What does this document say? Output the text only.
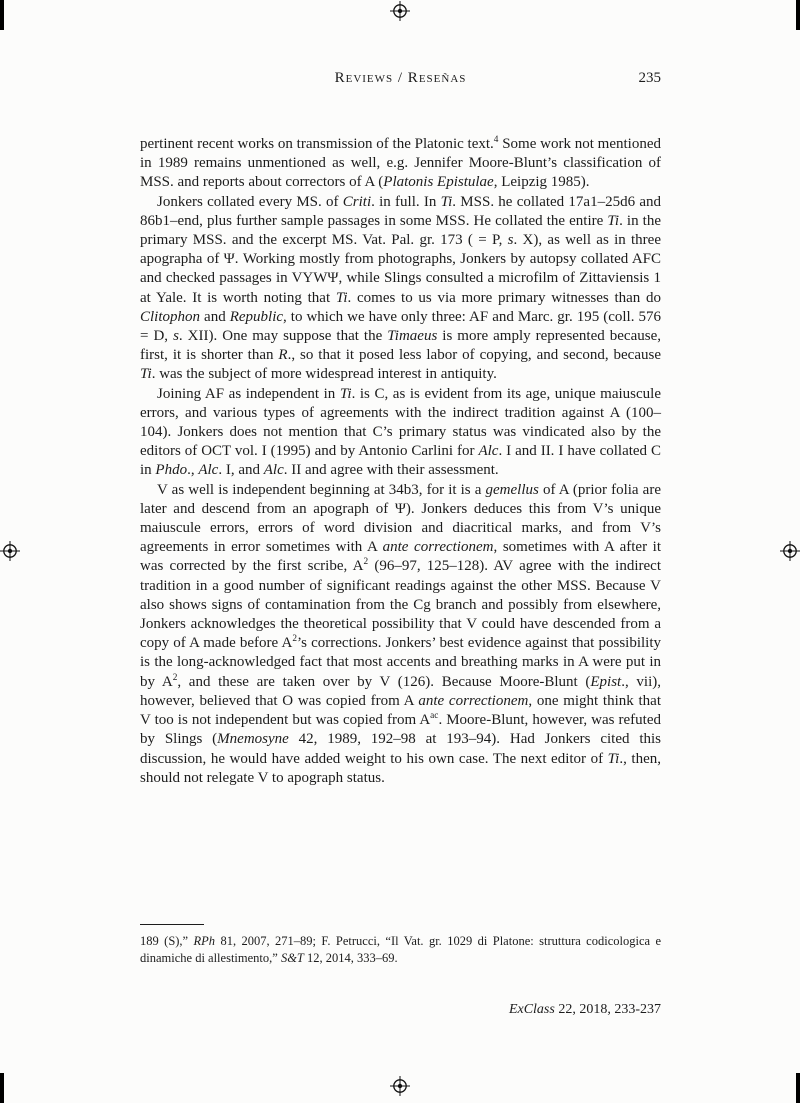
Reviews / Reseñas	235

pertinent recent works on transmission of the Platonic text.$^4$ Some work not mentioned in 1989 remains unmentioned as well, e.g. Jennifer Moore-Blunt’s classification of MSS. and reports about correctors of A (Platonis Epistulae, Leipzig 1985).

Jonkers collated every MS. of Criti. in full. In Ti. MSS. he collated 17a1–25d6 and 86b1–end, plus further sample passages in some MSS. He collated the entire Ti. in the primary MSS. and the excerpt MS. Vat. Pal. gr. 173 ( = P, s. X), as well as in three apographa of Ψ. Working mostly from photographs, Jonkers by autopsy collated AFC and checked passages in VYWΨ, while Slings consulted a microfilm of Zittaviensis 1 at Yale. It is worth noting that Ti. comes to us via more primary witnesses than do Clitophon and Republic, to which we have only three: AF and Marc. gr. 195 (coll. 576 = D, s. XII). One may suppose that the Timaeus is more amply represented because, first, it is shorter than R., so that it posed less labor of copying, and second, because Ti. was the subject of more widespread interest in antiquity.

Joining AF as independent in Ti. is C, as is evident from its age, unique maiuscule errors, and various types of agreements with the indirect tradition against A (100–104). Jonkers does not mention that C’s primary status was vindicated also by the editors of OCT vol. I (1995) and by Antonio Carlini for Alc. I and II. I have collated C in Phdo., Alc. I, and Alc. II and agree with their assessment.

V as well is independent beginning at 34b3, for it is a gemellus of A (prior folia are later and descend from an apograph of Ψ). Jonkers deduces this from V’s unique maiuscule errors, errors of word division and diacritical marks, and from V’s agreements in error sometimes with A ante correctionem, sometimes with A after it was corrected by the first scribe, $A^2$ (96–97, 125–128). AV agree with the indirect tradition in a good number of significant readings against the other MSS. Because V also shows signs of contamination from the Cg branch and possibly from elsewhere, Jonkers acknowledges the theoretical possibility that V could have descended from a copy of A made before $A^2’s$ corrections. Jonkers’ best evidence against that possibility is the long-acknowledged fact that most accents and breathing marks in A were put in by $A^2$, and these are taken over by V (126). Because Moore-Blunt (Epist., vii), however, believed that O was copied from A ante correctionem, one might think that V too is not independent but was copied from $A^{ac}$. Moore-Blunt, however, was refuted by Slings (Mnemosyne 42, 1989, 192–98 at 193–94). Had Jonkers cited this discussion, he would have added weight to his own case. The next editor of Ti., then, should not relegate V to apograph status.

189 (S),” RPh 81, 2007, 271–89; F. Petrucci, “Il Vat. gr. 1029 di Platone: struttura codicologica e dinamiche di allestimento,” S&T 12, 2014, 333–69.
ExClass 22, 2018, 233-237
